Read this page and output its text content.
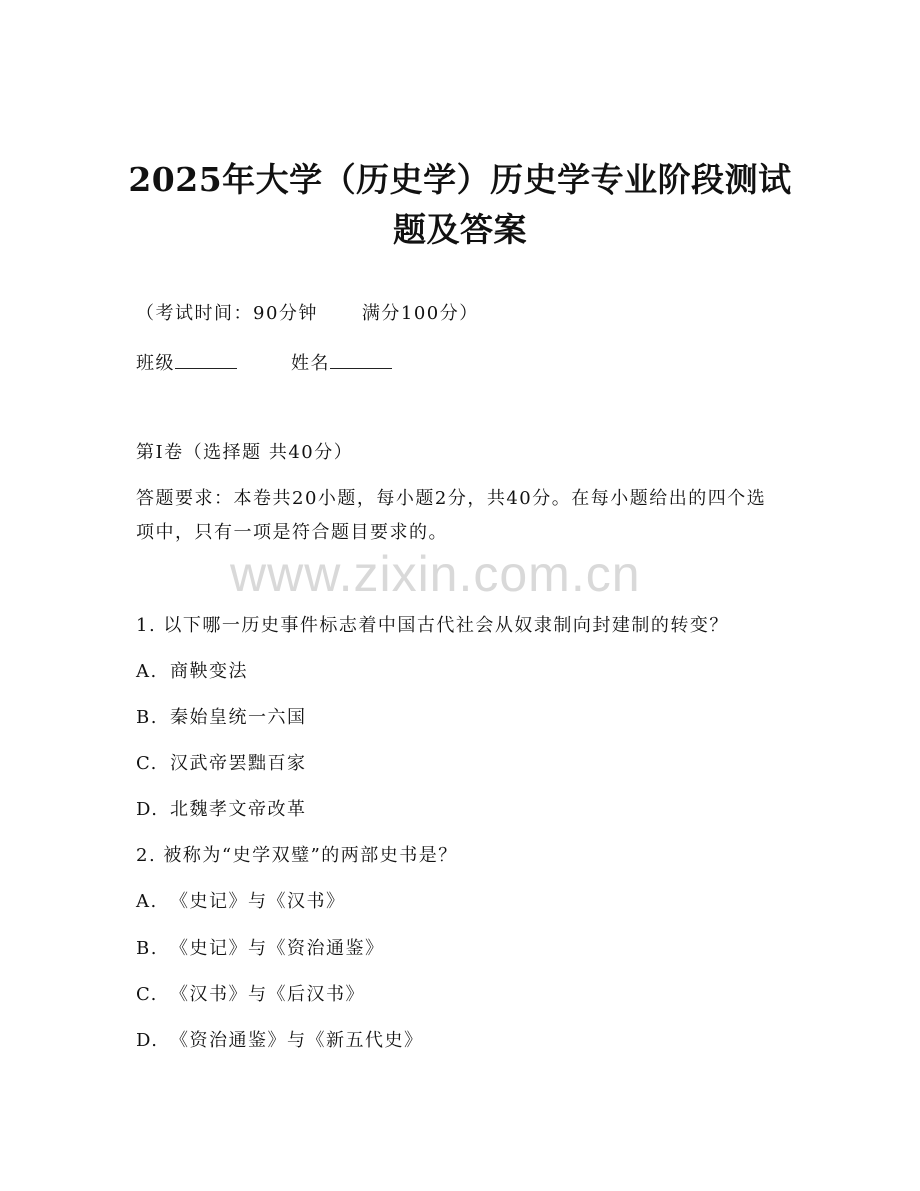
2025年大学（历史学）历史学专业阶段测试
题及答案
（考试时间：90分钟 满分100分）
班级	姓名
第I卷（选择题 共40分）
答题要求：本卷共20小题，每小题2分，共40分。在每小题给出的四个选项中，只有一项是符合题目要求的。
www.zixin.com.cn
1. 以下哪一历史事件标志着中国古代社会从奴隶制向封建制的转变？
A. 商鞅变法
B. 秦始皇统一六国
C. 汉武帝罢黜百家
D. 北魏孝文帝改革
2. 被称为“史学双璧”的两部史书是？
A. 《史记》与《汉书》
B. 《史记》与《资治通鉴》
C. 《汉书》与《后汉书》
D. 《资治通鉴》与《新五代史》
